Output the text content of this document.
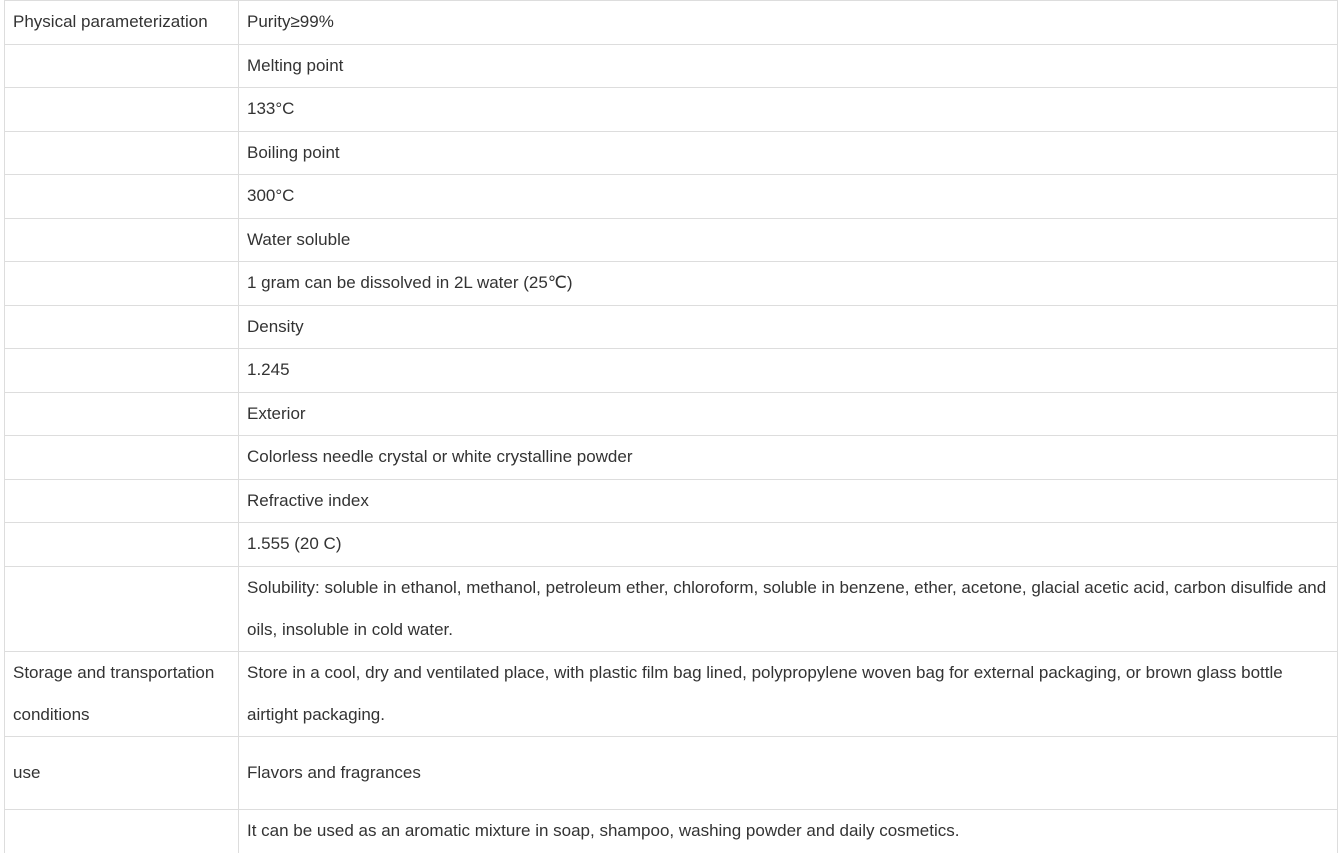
Physical parameterization	Purity≥99%
	Melting point
	133°C
	Boiling point
	300°C
	Water soluble
	1 gram can be dissolved in 2L water (25℃)
	Density
	1.245
	Exterior
	Colorless needle crystal or white crystalline powder
	Refractive index
	1.555 (20 C)
	Solubility: soluble in ethanol, methanol, petroleum ether, chloroform, soluble in benzene, ether, acetone, glacial acetic acid, carbon disulfide and oils, insoluble in cold water.
Storage and transportation conditions	Store in a cool, dry and ventilated place, with plastic film bag lined, polypropylene woven bag for external packaging, or brown glass bottle airtight packaging.
use	Flavors and fragrances
	It can be used as an aromatic mixture in soap, shampoo, washing powder and daily cosmetics.
